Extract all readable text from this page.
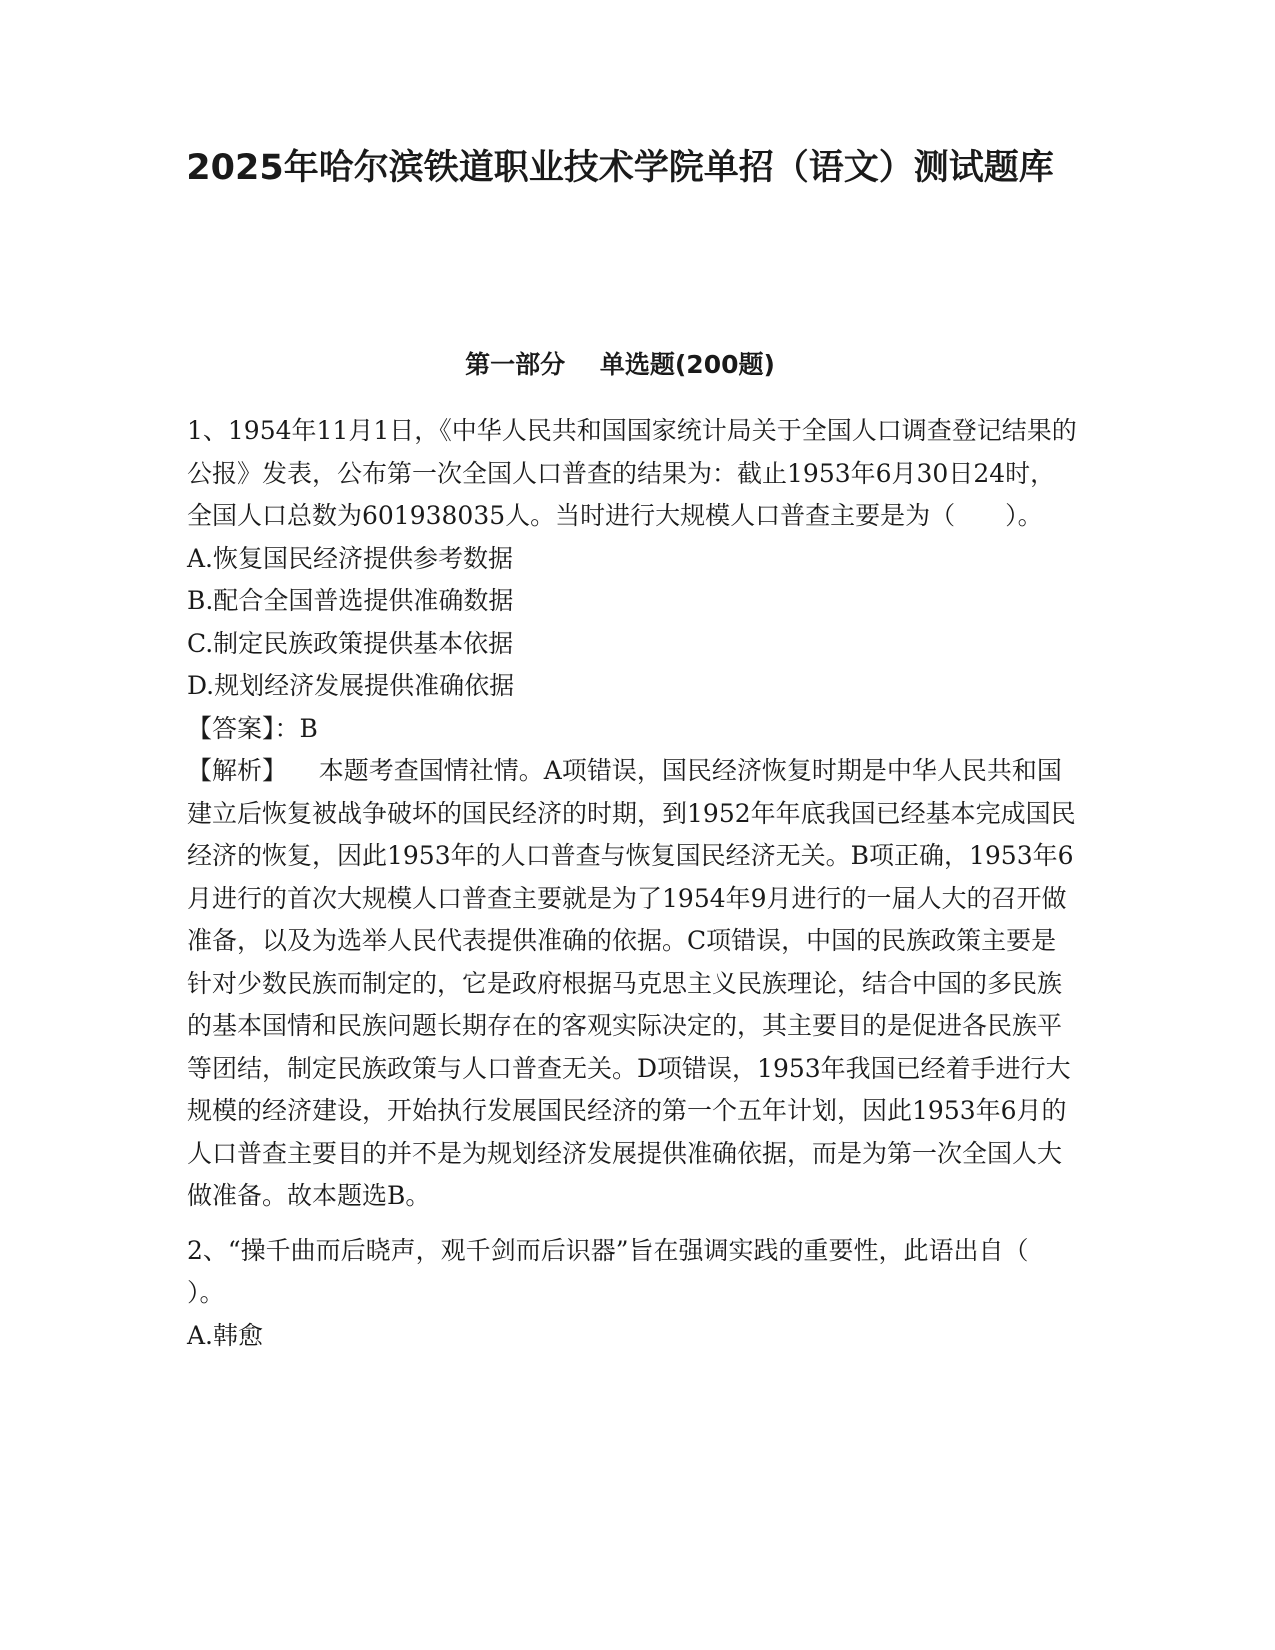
2025年哈尔滨铁道职业技术学院单招（语文）测试题库
第一部分    单选题(200题)

1、1954年11月1日，《中华人民共和国国家统计局关于全国人口调查登记结果的公报》发表，公布第一次全国人口普查的结果为：截止1953年6月30日24时，全国人口总数为601938035人。当时进行大规模人口普查主要是为（　　）。

A.恢复国民经济提供参考数据

B.配合全国普选提供准确数据

C.制定民族政策提供基本依据

D.规划经济发展提供准确依据

【答案】：B

【解析】    本题考查国情社情。A项错误，国民经济恢复时期是中华人民共和国建立后恢复被战争破坏的国民经济的时期，到1952年年底我国已经基本完成国民经济的恢复，因此1953年的人口普查与恢复国民经济无关。B项正确，1953年6月进行的首次大规模人口普查主要就是为了1954年9月进行的一届人大的召开做准备，以及为选举人民代表提供准确的依据。C项错误，中国的民族政策主要是针对少数民族而制定的，它是政府根据马克思主义民族理论，结合中国的多民族的基本国情和民族问题长期存在的客观实际决定的，其主要目的是促进各民族平等团结，制定民族政策与人口普查无关。D项错误，1953年我国已经着手进行大规模的经济建设，开始执行发展国民经济的第一个五年计划，因此1953年6月的人口普查主要目的并不是为规划经济发展提供准确依据，而是为第一次全国人大做准备。故本题选B。

2、“操千曲而后晓声，观千剑而后识器”旨在强调实践的重要性，此语出自（　　）。

A.韩愈
